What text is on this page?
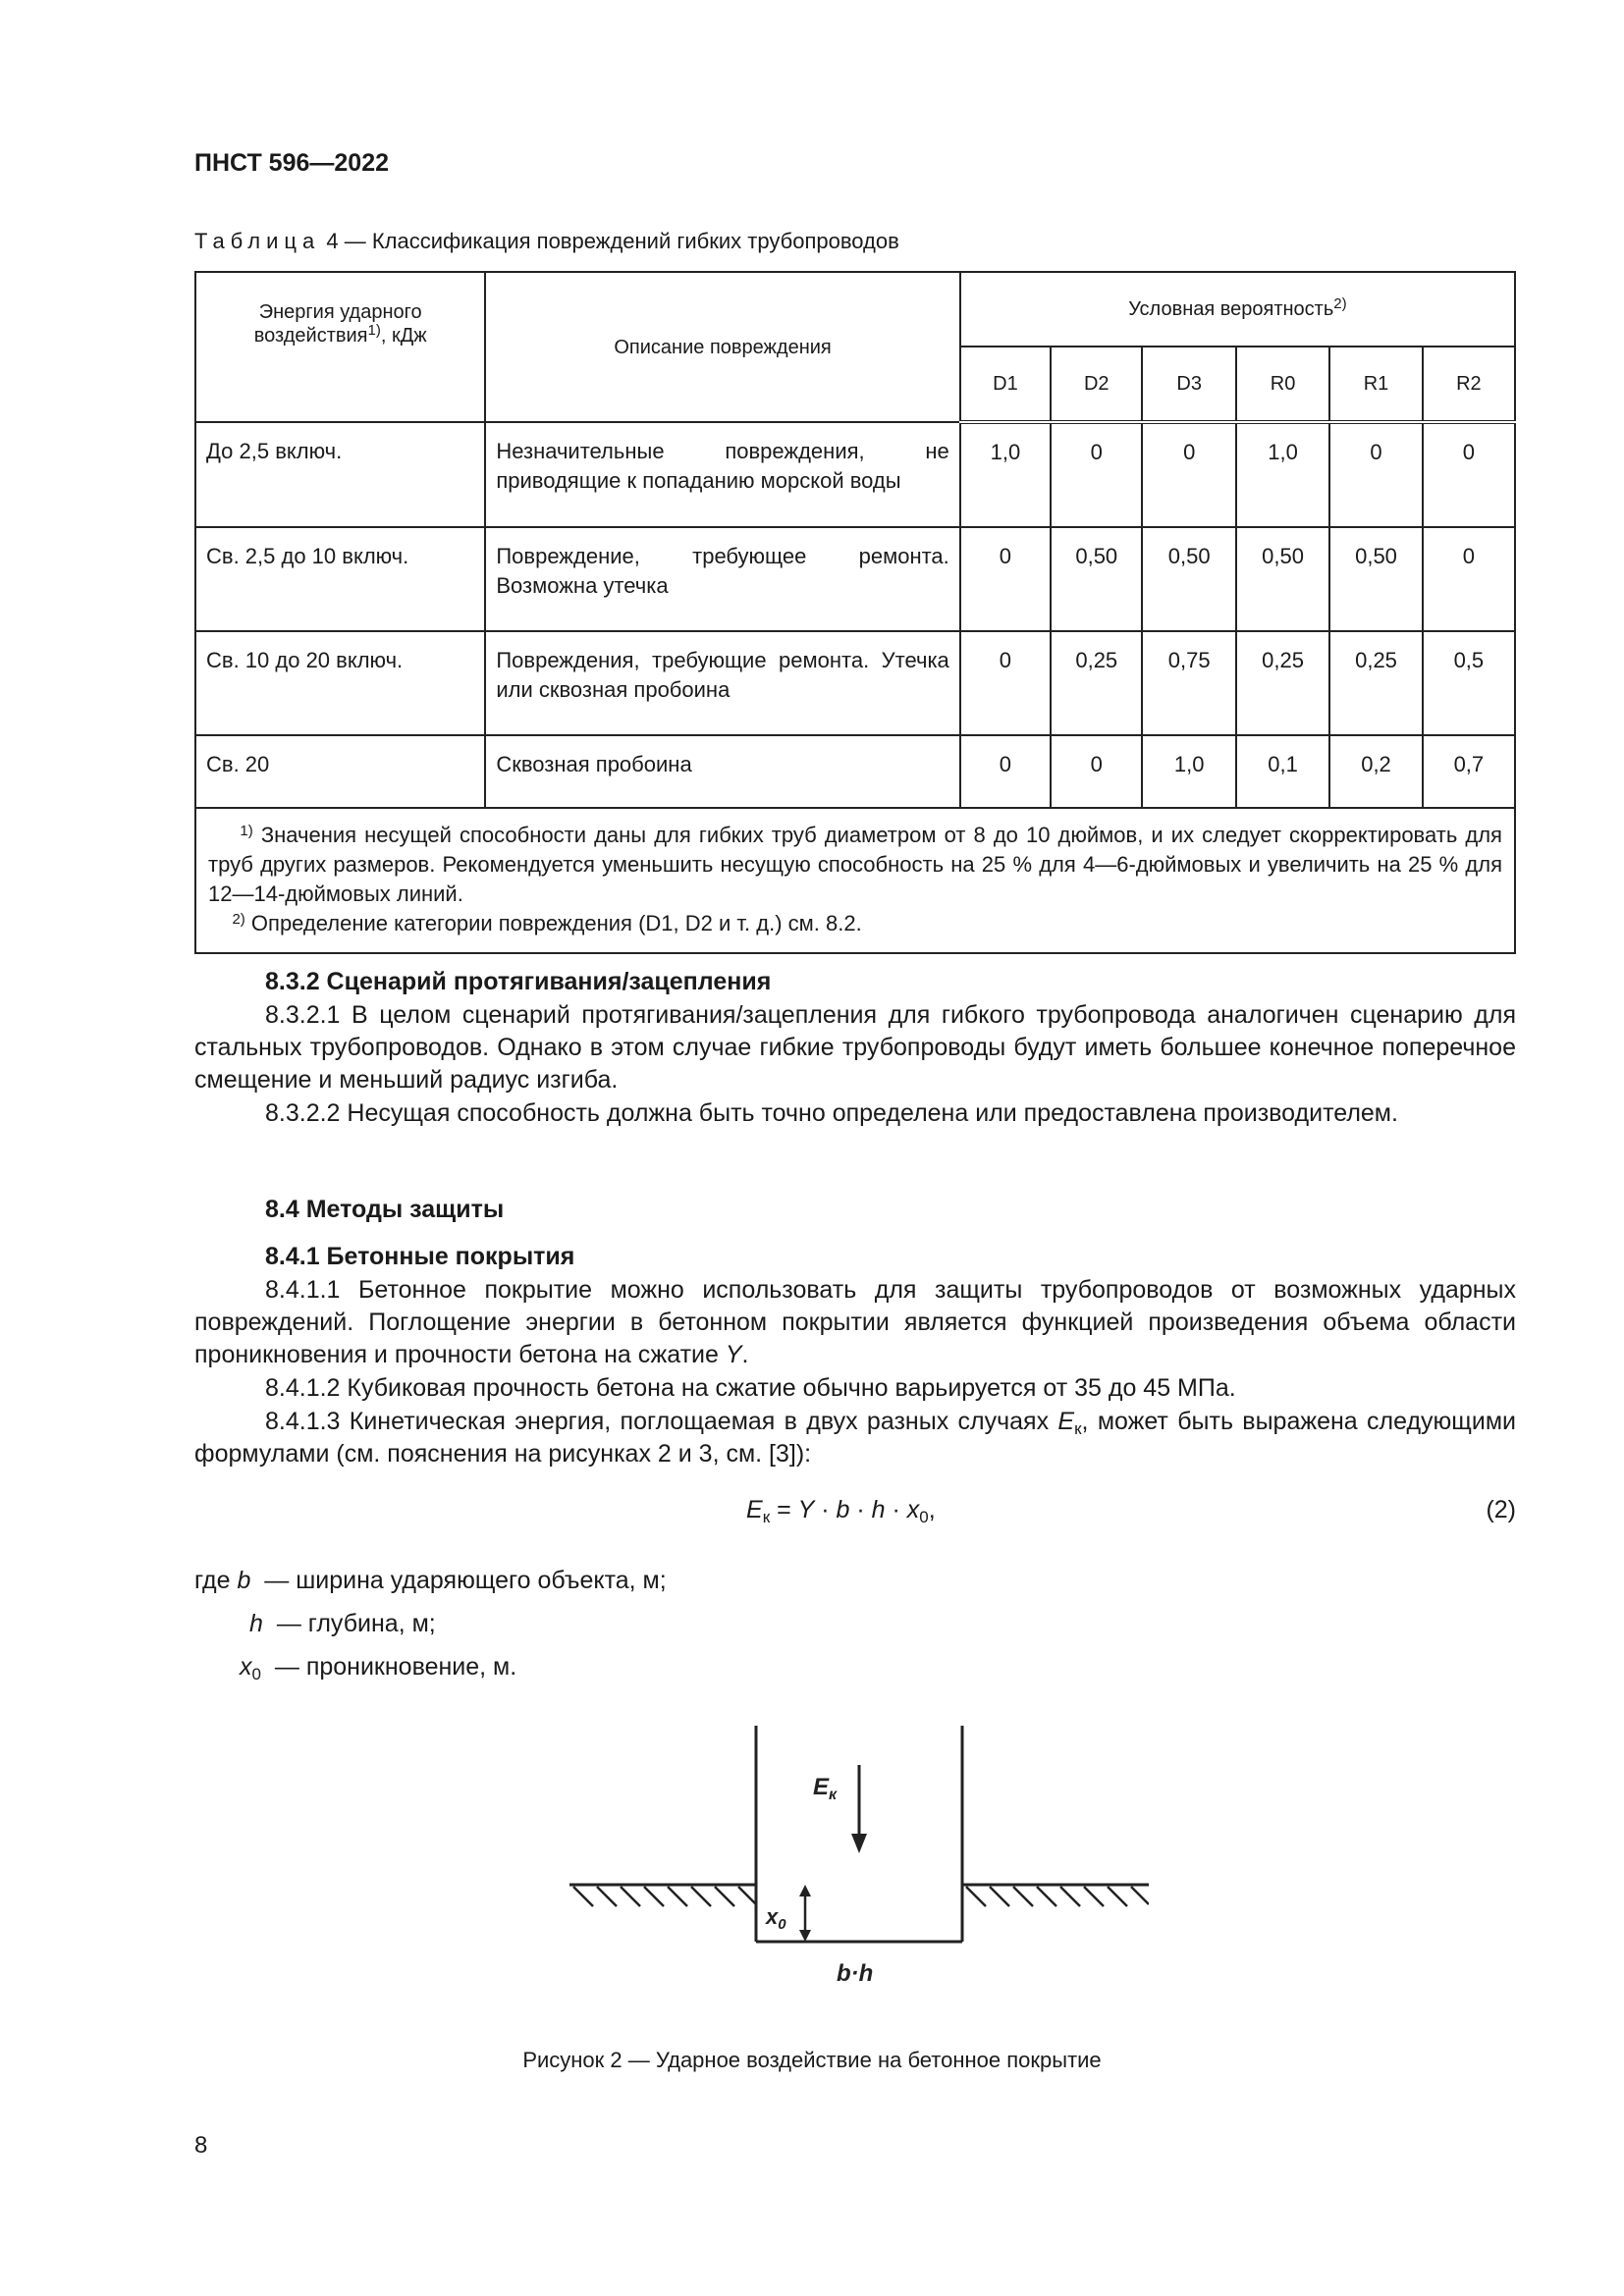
ПНСТ 596—2022
Таблица 4 — Классификация повреждений гибких трубопроводов
Энергия ударного воздействия$^{1)}$, кДж	Описание повреждения	Условная вероятность$^{2)}$
		D1	D2	D3	R0	R1	R2
До 2,5 включ.	Незначительные повреждения, не приводящие к попаданию морской воды	1,0	0	0	1,0	0	0
Св. 2,5 до 10 включ.	Повреждение, требующее ремонта. Возможна утечка	0	0,50	0,50	0,50	0,50	0
Св. 10 до 20 включ.	Повреждения, требующие ремонта. Утечка или сквозная пробоина	0	0,25	0,75	0,25	0,25	0,5
Св. 20	Сквозная пробоина	0	0	1,0	0,1	0,2	0,7

$^{1)}$ Значения несущей способности даны для гибких труб диаметром от 8 до 10 дюймов, и их следует скорректировать для труб других размеров. Рекомендуется уменьшить несущую способность на 25 % для 4—6-дюймовых и увеличить на 25 % для 12—14-дюймовых линий.
$^{2)}$ Определение категории повреждения (D1, D2 и т. д.) см. 8.2.							
8.3.2 Сценарий протягивания/зацепления
8.3.2.1 В целом сценарий протягивания/зацепления для гибкого трубопровода аналогичен сценарию для стальных трубопроводов. Однако в этом случае гибкие трубопроводы будут иметь большее конечное поперечное смещение и меньший радиус изгиба.
8.3.2.2 Несущая способность должна быть точно определена или предоставлена производителем.
8.4 Методы защиты
8.4.1 Бетонные покрытия
8.4.1.1 Бетонное покрытие можно использовать для защиты трубопроводов от возможных ударных повреждений. Поглощение энергии в бетонном покрытии является функцией произведения объема области проникновения и прочности бетона на сжатие Y.
8.4.1.2 Кубиковая прочность бетона на сжатие обычно варьируется от 35 до 45 МПа.
8.4.1.3 Кинетическая энергия, поглощаемая в двух разных случаях $E_к$, может быть выражена следующими формулами (см. пояснения на рисунках 2 и 3, см. [3]):
$E_к = Y \cdot b \cdot h \cdot x_0$,	(2)
где b — ширина ударяющего объекта, м;
h — глубина, м;
$x_0$ — проникновение, м.
$E_к$
$x_0$
b·h
Рисунок 2 — Ударное воздействие на бетонное покрытие
8
